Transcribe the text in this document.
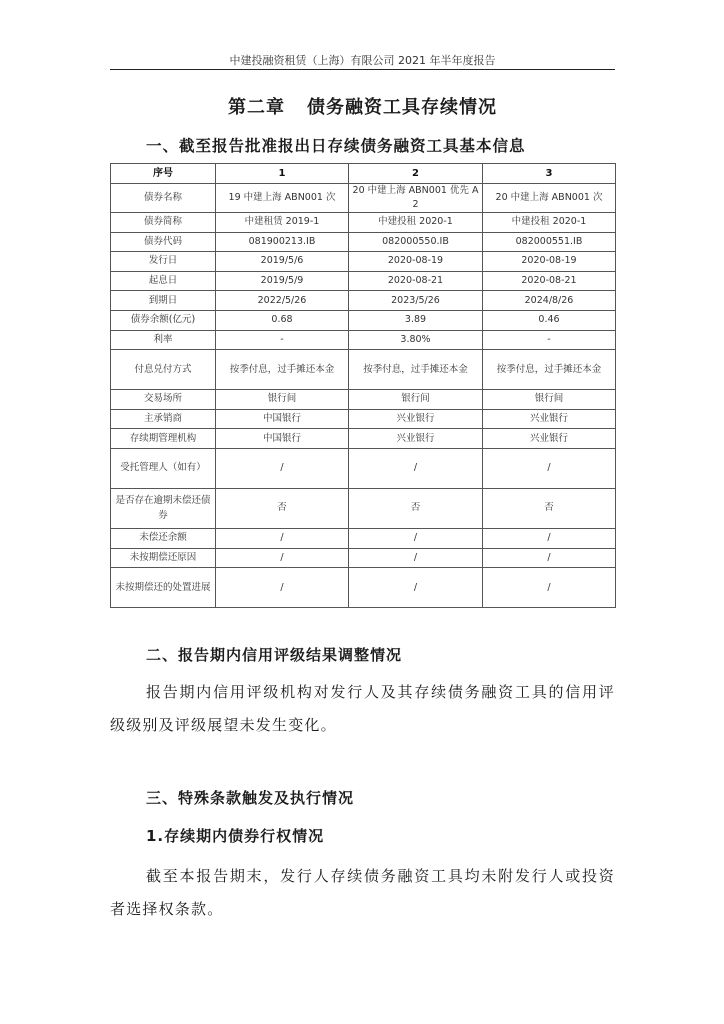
中建投融资租赁（上海）有限公司 2021 年半年度报告
第二章 债务融资工具存续情况
一、截至报告批准报出日存续债务融资工具基本信息
序号	1	2	3
债券名称	19 中建上海 ABN001 次	20 中建上海 ABN001 优先 A2	20 中建上海 ABN001 次
债券简称	中建租赁 2019-1	中建投租 2020-1	中建投租 2020-1
债券代码	081900213.IB	082000550.IB	082000551.IB
发行日	2019/5/6	2020-08-19	2020-08-19
起息日	2019/5/9	2020-08-21	2020-08-21
到期日	2022/5/26	2023/5/26	2024/8/26
债券余额(亿元)	0.68	3.89	0.46
利率	-	3.80%	-
付息兑付方式	按季付息，过手摊还本金	按季付息，过手摊还本金	按季付息，过手摊还本金
交易场所	银行间	银行间	银行间
主承销商	中国银行	兴业银行	兴业银行
存续期管理机构	中国银行	兴业银行	兴业银行
受托管理人（如有）	/	/	/
是否存在逾期未偿还债券	否	否	否
未偿还余额	/	/	/
未按期偿还原因	/	/	/
未按期偿还的处置进展	/	/	/
二、报告期内信用评级结果调整情况
报告期内信用评级机构对发行人及其存续债务融资工具的信用评级级别及评级展望未发生变化。
三、特殊条款触发及执行情况
1.存续期内债券行权情况
截至本报告期末，发行人存续债务融资工具均未附发行人或投资者选择权条款。
